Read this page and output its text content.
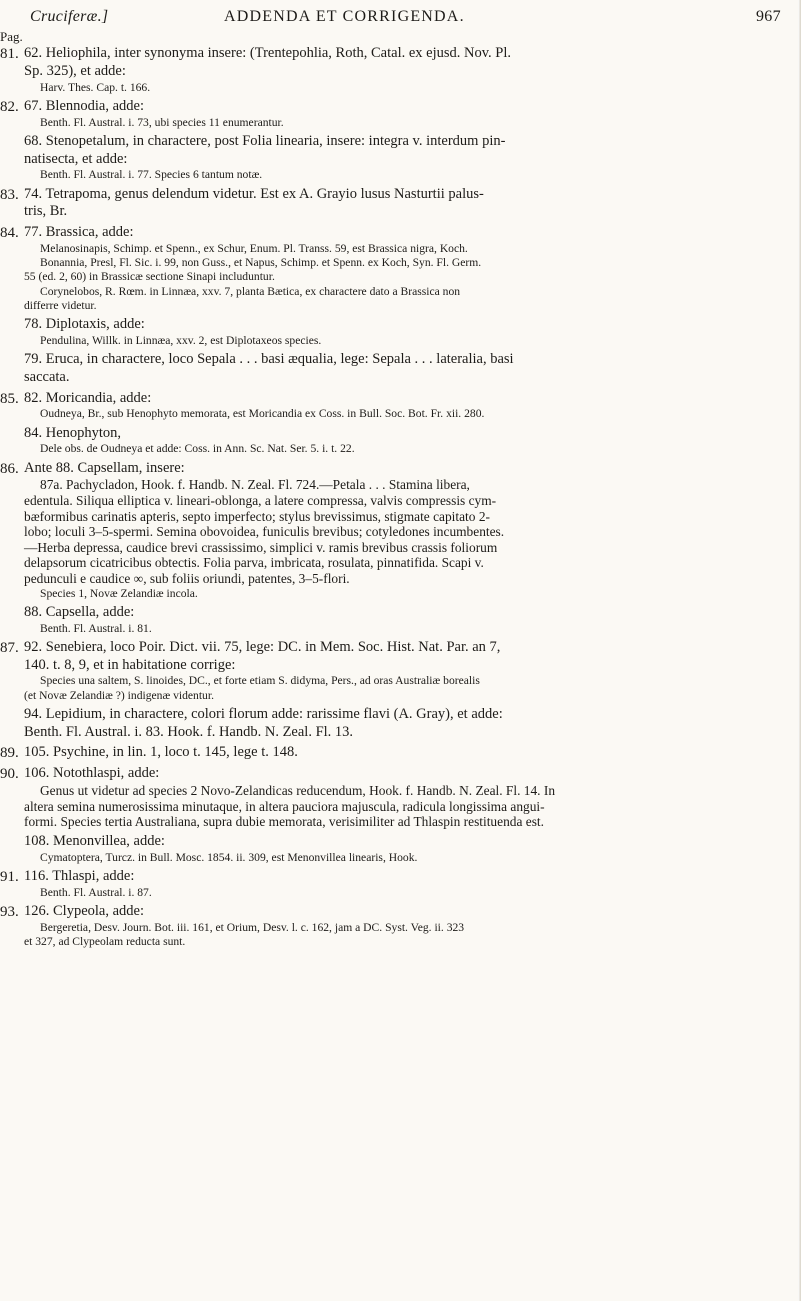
Cruciferæ.]	ADDENDA ET CORRIGENDA.	967
Pag.
81. 62. Heliophila, inter synonyma insere: (Trentepohlia, Roth, Catal. ex ejusd. Nov. Pl.
Sp. 325), et adde:
Harv. Thes. Cap. t. 166.
82. 67. Blennodia, adde:
Benth. Fl. Austral. i. 73, ubi species 11 enumerantur.
68. Stenopetalum, in charactere, post Folia linearia, insere: integra v. interdum pin-
natisecta, et adde:
Benth. Fl. Austral. i. 77. Species 6 tantum notæ.
83. 74. Tetrapoma, genus delendum videtur. Est ex A. Grayio lusus Nasturtii palus-
tris, Br.
84. 77. Brassica, adde:
Melanosinapis, Schimp. et Spenn., ex Schur, Enum. Pl. Transs. 59, est Brassica nigra, Koch.
Bonannia, Presl, Fl. Sic. i. 99, non Guss., et Napus, Schimp. et Spenn. ex Koch, Syn. Fl. Germ.
55 (ed. 2, 60) in Brassicæ sectione Sinapi includuntur.
Corynelobos, R. Rœm. in Linnæa, xxv. 7, planta Bætica, ex charactere dato a Brassica non
differre videtur.
78. Diplotaxis, adde:
Pendulina, Willk. in Linnæa, xxv. 2, est Diplotaxeos species.
79. Eruca, in charactere, loco Sepala . . . basi æqualia, lege: Sepala . . . lateralia, basi
saccata.
85. 82. Moricandia, adde:
Oudneya, Br., sub Henophyto memorata, est Moricandia ex Coss. in Bull. Soc. Bot. Fr. xii. 280.
84. Henophyton,
Dele obs. de Oudneya et adde: Coss. in Ann. Sc. Nat. Ser. 5. i. t. 22.
86. Ante 88. Capsellam, insere:
87a. Pachycladon, Hook. f. Handb. N. Zeal. Fl. 724.—Petala . . . Stamina libera,
edentula. Siliqua elliptica v. lineari-oblonga, a latere compressa, valvis compressis cym-
bæformibus carinatis apteris, septo imperfecto; stylus brevissimus, stigmate capitato 2-
lobo; loculi 3–5-spermi. Semina obovoidea, funiculis brevibus; cotyledones incumbentes.
—Herba depressa, caudice brevi crassissimo, simplici v. ramis brevibus crassis foliorum
delapsorum cicatricibus obtectis. Folia parva, imbricata, rosulata, pinnatifida. Scapi v.
pedunculi e caudice ∞, sub foliis oriundi, patentes, 3–5-flori.
Species 1, Novæ Zelandiæ incola.
88. Capsella, adde:
Benth. Fl. Austral. i. 81.
87. 92. Senebiera, loco Poir. Dict. vii. 75, lege: DC. in Mem. Soc. Hist. Nat. Par. an 7,
140. t. 8, 9, et in habitatione corrige:
Species una saltem, S. linoides, DC., et forte etiam S. didyma, Pers., ad oras Australiæ borealis
(et Novæ Zelandiæ ?) indigenæ videntur.
94. Lepidium, in charactere, colori florum adde: rarissime flavi (A. Gray), et adde:
Benth. Fl. Austral. i. 83. Hook. f. Handb. N. Zeal. Fl. 13.
89. 105. Psychine, in lin. 1, loco t. 145, lege t. 148.
90. 106. Notothlaspi, adde:
Genus ut videtur ad species 2 Novo-Zelandicas reducendum, Hook. f. Handb. N. Zeal. Fl. 14. In
altera semina numerosissima minutaque, in altera pauciora majuscula, radicula longissima angui-
formi. Species tertia Australiana, supra dubie memorata, verisimiliter ad Thlaspin restituenda est.
108. Menonvillea, adde:
Cymatoptera, Turcz. in Bull. Mosc. 1854. ii. 309, est Menonvillea linearis, Hook.
91. 116. Thlaspi, adde:
Benth. Fl. Austral. i. 87.
93. 126. Clypeola, adde:
Bergeretia, Desv. Journ. Bot. iii. 161, et Orium, Desv. l. c. 162, jam a DC. Syst. Veg. ii. 323
et 327, ad Clypeolam reducta sunt.
